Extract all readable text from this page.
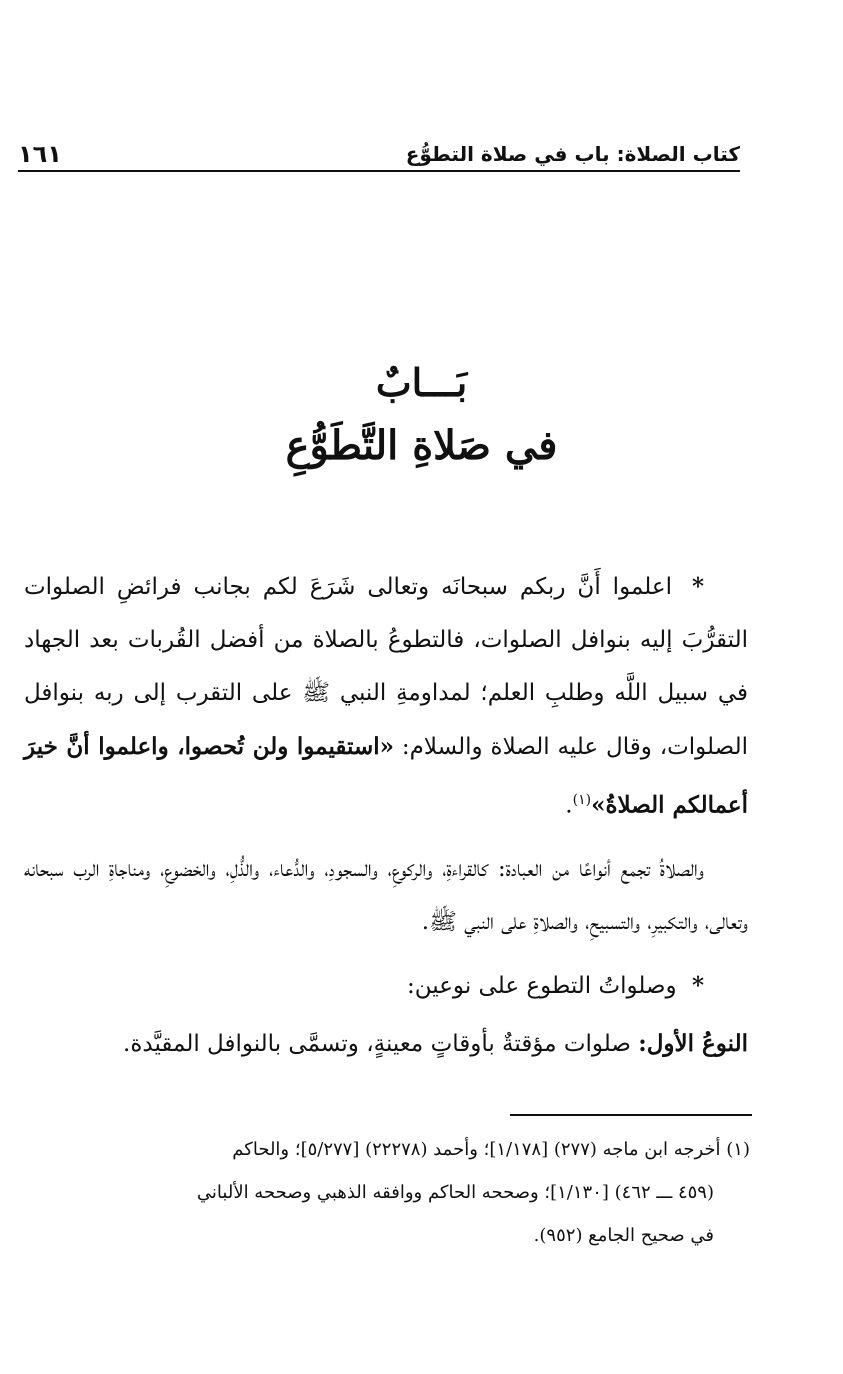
كتاب الصلاة: باب في صلاة التطوُّع
١٦١
بَـــابٌ
في صَلاةِ التَّطَوُّعِ

* اعلموا أَنَّ ربكم سبحانَه وتعالى شَرَعَ لكم بجانب فرائضِ الصلوات التقرُّبَ إليه بنوافل الصلوات، فالتطوعُ بالصلاة من أفضل القُربات بعد الجهاد في سبيل اللَّه وطلبِ العلم؛ لمداومةِ النبي ﷺ على التقرب إلى ربه بنوافل الصلوات، وقال عليه الصلاة والسلام: «استقيموا ولن تُحصوا، واعلموا أنَّ خيرَ أعمالكم الصلاةُ»$^{(١)}$.

والصلاةُ تجمع أنواعًا من العبادة: كالقراءةِ، والركوعِ، والسجودِ، والدُّعاء، والذُّلِ، والخضوعِ، ومناجاةِ الرب سبحانه وتعالى، والتكبيرِ، والتسبيحِ، والصلاةِ على النبي ﷺ.

* وصلواتُ التطوع على نوعين:

النوعُ الأول: صلوات مؤقتةٌ بأوقاتٍ معينةٍ، وتسمَّى بالنوافل المقيَّدة.

(١) أخرجه ابن ماجه (٢٧٧) [١/١٧٨]؛ وأحمد (٢٢٢٧٨) [٥/٢٧٧]؛ والحاكم

(٤٥٩ ـــ ٤٦٢) [١/١٣٠]؛ وصححه الحاكم ووافقه الذهبي وصححه الألباني

في صحيح الجامع (٩٥٢).
